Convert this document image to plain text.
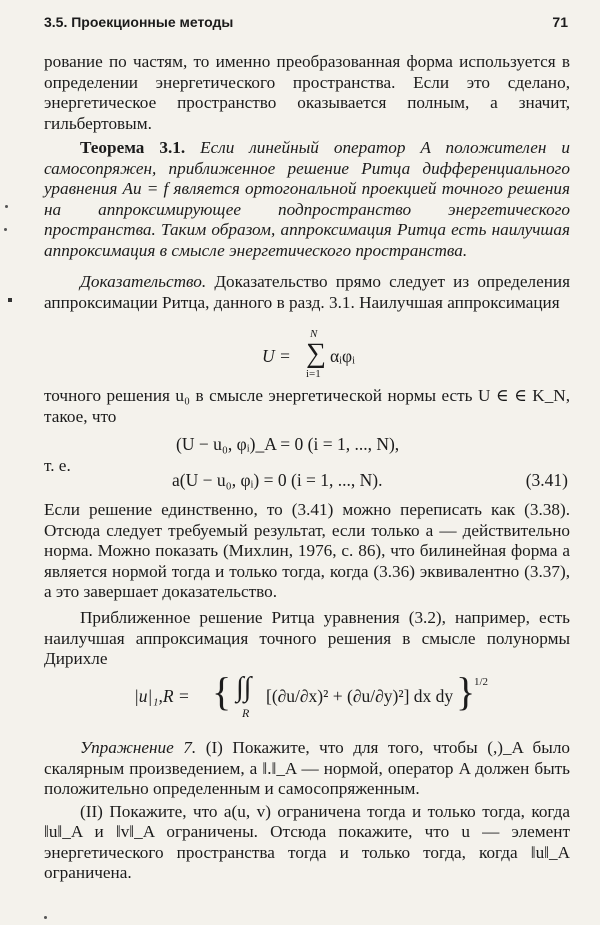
3.5. Проекционные методы	71

рование по частям, то именно преобразованная форма используется в определении энергетического пространства. Если это сделано, энергетическое пространство оказывается полным, а значит, гильбертовым.

Теорема 3.1. Если линейный оператор A положителен и самосопряжен, приближенное решение Ритца дифференциального уравнения Au = f является ортогональной проекцией точного решения на аппроксимирующее подпространство энергетического пространства. Таким образом, аппроксимация Ритца есть наилучшая аппроксимация в смысле энергетического пространства.

Доказательство. Доказательство прямо следует из определения аппроксимации Ритца, данного в разд. 3.1. Наилучшая аппроксимация

U =
N
∑
i=1
αᵢφᵢ

точного решения u₀ в смысле энергетической нормы есть U ∈ ∈ K_N, такое, что

(U − u₀, φᵢ)_A = 0 (i = 1, ..., N),

т. е.

a(U − u₀, φᵢ) = 0 (i = 1, ..., N).	(3.41)

Если решение единственно, то (3.41) можно переписать как (3.38). Отсюда следует требуемый результат, если только a — действительно норма. Можно показать (Михлин, 1976, с. 86), что билинейная форма a является нормой тогда и только тогда, когда (3.36) эквивалентно (3.37), а это завершает доказательство.

Приближенное решение Ритца уравнения (3.2), например, есть наилучшая аппроксимация точного решения в смысле полунормы Дирихле

|u|₁,R = { ∫∫
R
[(∂u/∂x)² + (∂u/∂y)²] dx dy }
1/2

Упражнение 7. (I) Покажите, что для того, чтобы (,)_A было скалярным произведением, а ‖.‖_A — нормой, оператор A должен быть положительно определенным и самосопряженным.

(II) Покажите, что a(u, v) ограничена тогда и только тогда, когда ‖u‖_A и ‖v‖_A ограничены. Отсюда покажите, что u — элемент энергетического пространства тогда и только тогда, когда ‖u‖_A ограничена.
